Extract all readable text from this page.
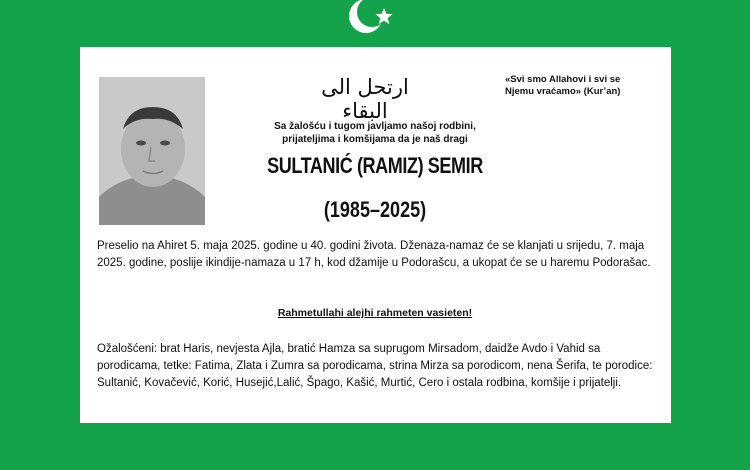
ارتحل الى البقاء
«Svi smo Allahovi i svi se
Njemu vraćamo» (Kur’an)
Sa žalošću i tugom javljamo našoj rodbini,
prijateljima i komšijama da je naš dragi
SULTANIĆ (RAMIZ) SEMIR
(1985–2025)
Preselio na Ahiret 5. maja 2025. godine u 40. godini života. Dženaza-namaz će se klanjati u srijedu, 7. maja 2025. godine, poslije ikindije-namaza u 17 h, kod džamije u Podorašcu, a ukopat će se u haremu Podorašac.
Rahmetullahi alejhi rahmeten vasieten!
Ožalošćeni: brat Haris, nevjesta Ajla, bratić Hamza sa suprugom Mirsadom, daidže Avdo i Vahid sa porodicama, tetke: Fatima, Zlata i Zumra sa porodicama, strina Mirza sa porodicom, nena Šerifa, te porodice: Sultanić, Kovačević, Korić, Husejić,Lalić, Špago, Kašić, Murtić, Cero i ostala rodbina, komšije i prijatelji.
